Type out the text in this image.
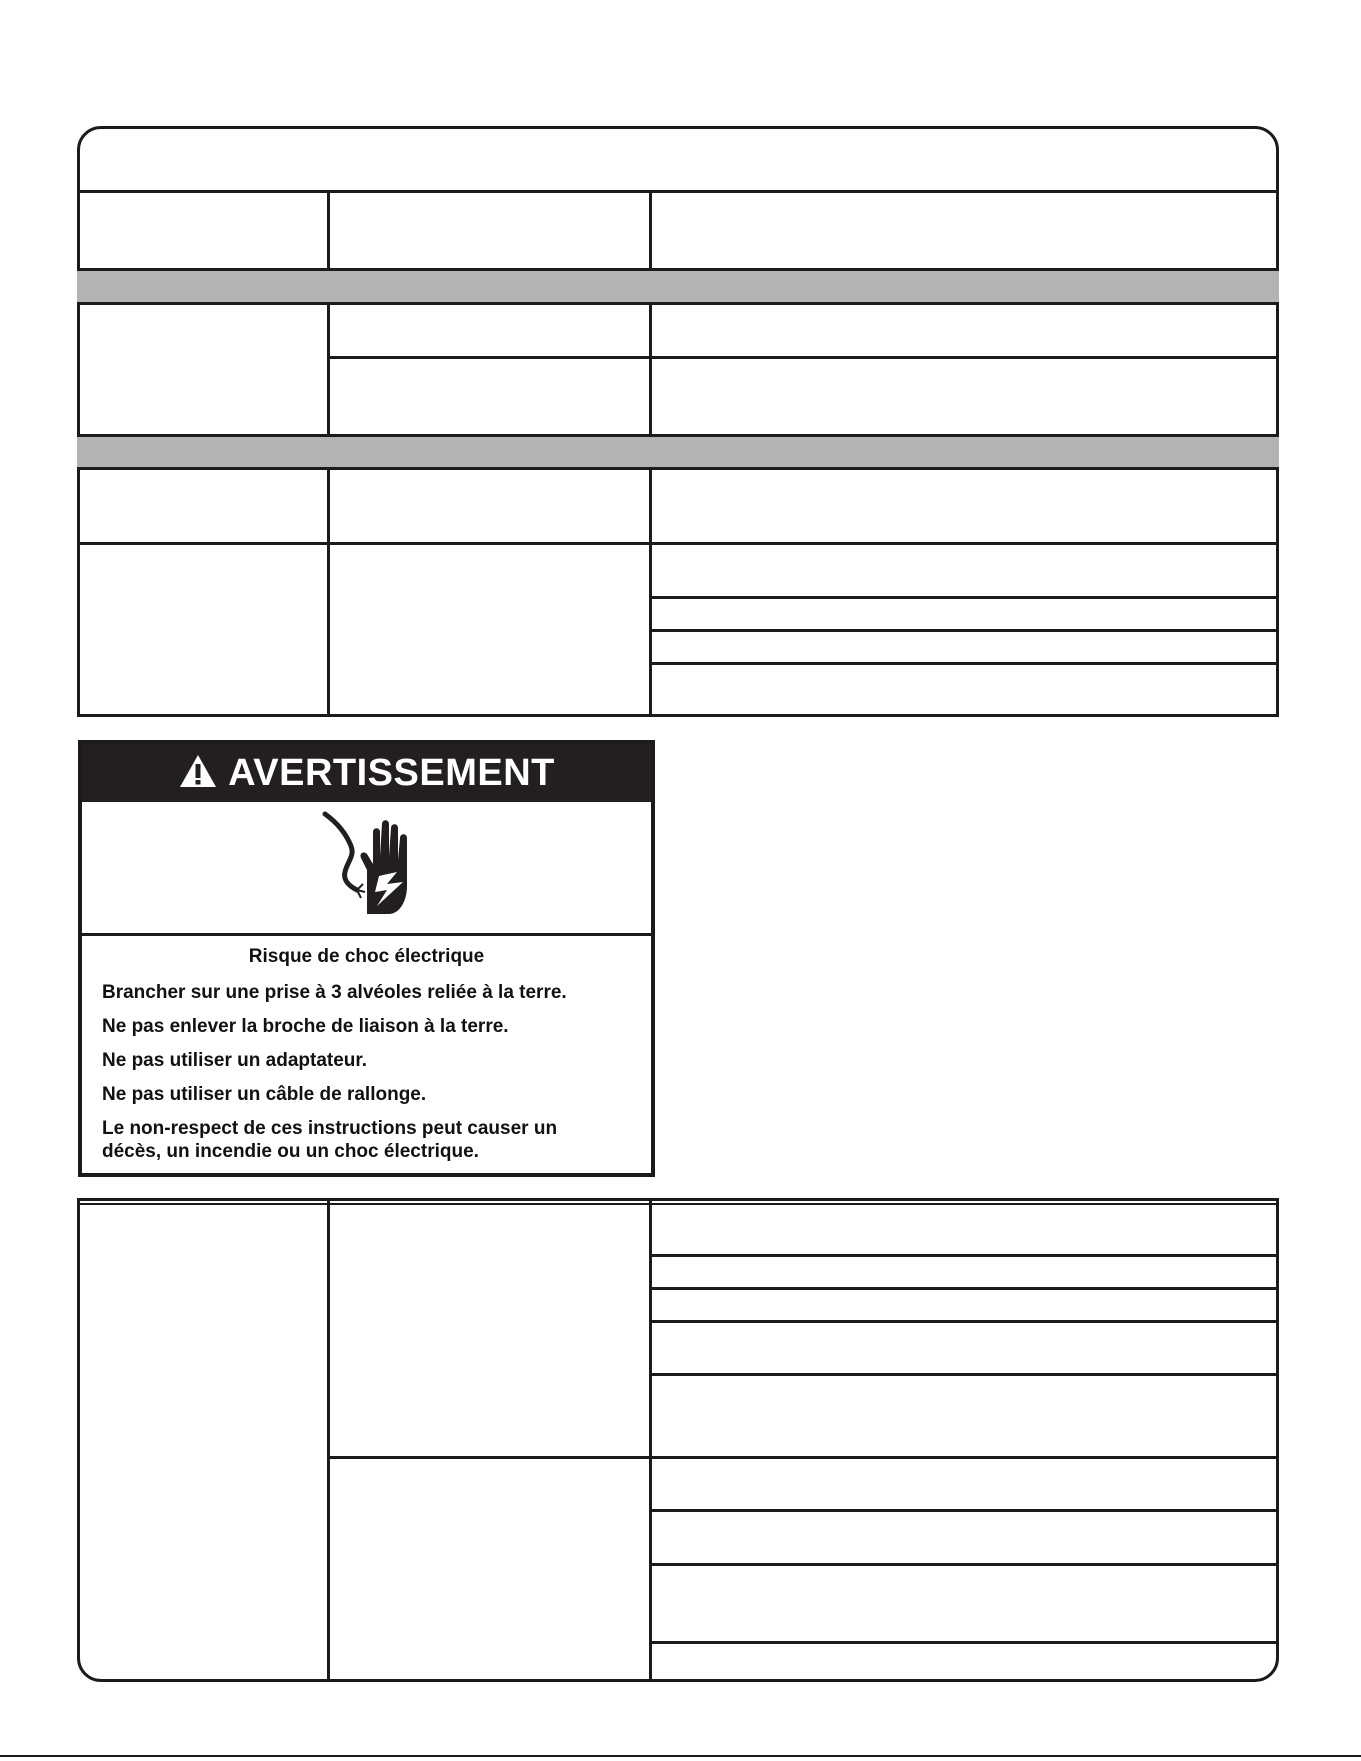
AVERTISSEMENT
Risque de choc électrique
Brancher sur une prise à 3 alvéoles reliée à la terre.
Ne pas enlever la broche de liaison à la terre.
Ne pas utiliser un adaptateur.
Ne pas utiliser un câble de rallonge.
Le non-respect de ces instructions peut causer un décès, un incendie ou un choc électrique.
